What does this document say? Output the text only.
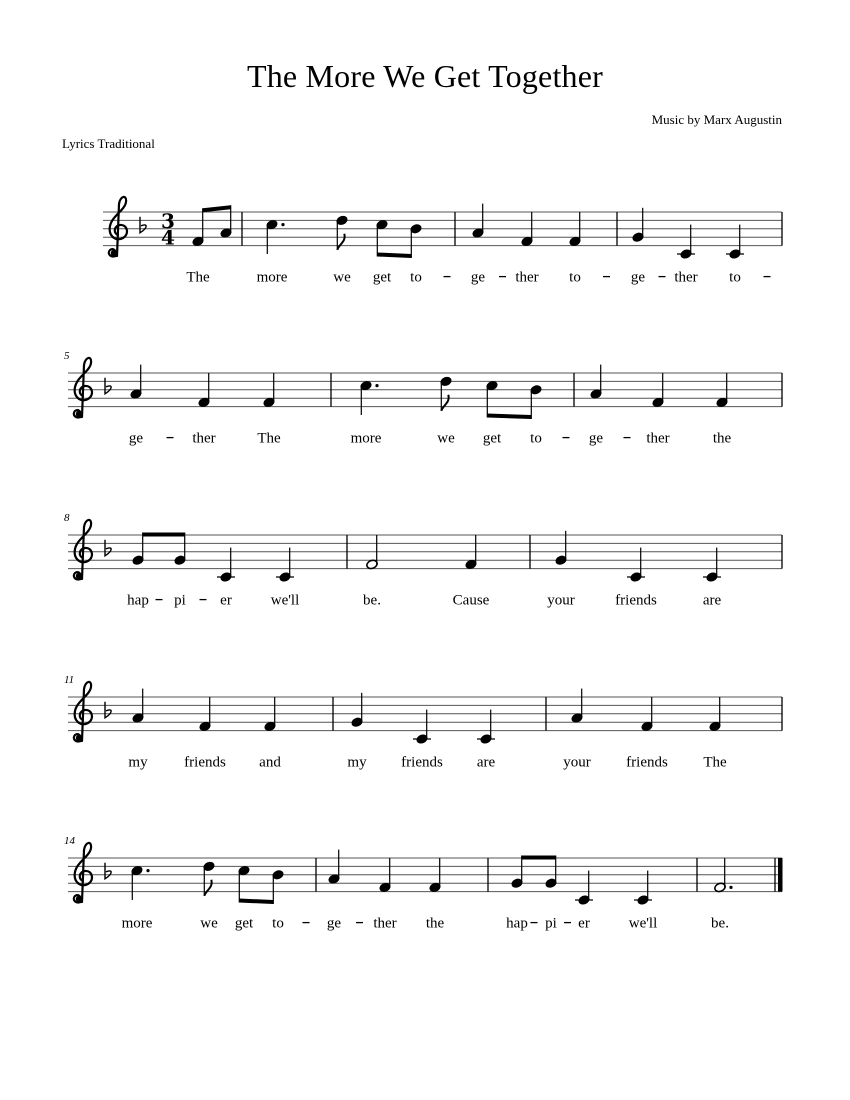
The More We Get Together
Music by Marx Augustin
Lyrics Traditional
3
4
The	more	we get to	ge ther to	ge ther to
5
ge	ther	The	more	we get to	ge	ther	the
8
hap pi er	we'll	be.	Cause	your	friends	are
11
my friends and	my friends are	your friends The
14
more	we get to	ge ther the	hap pi er	we'll	be.
